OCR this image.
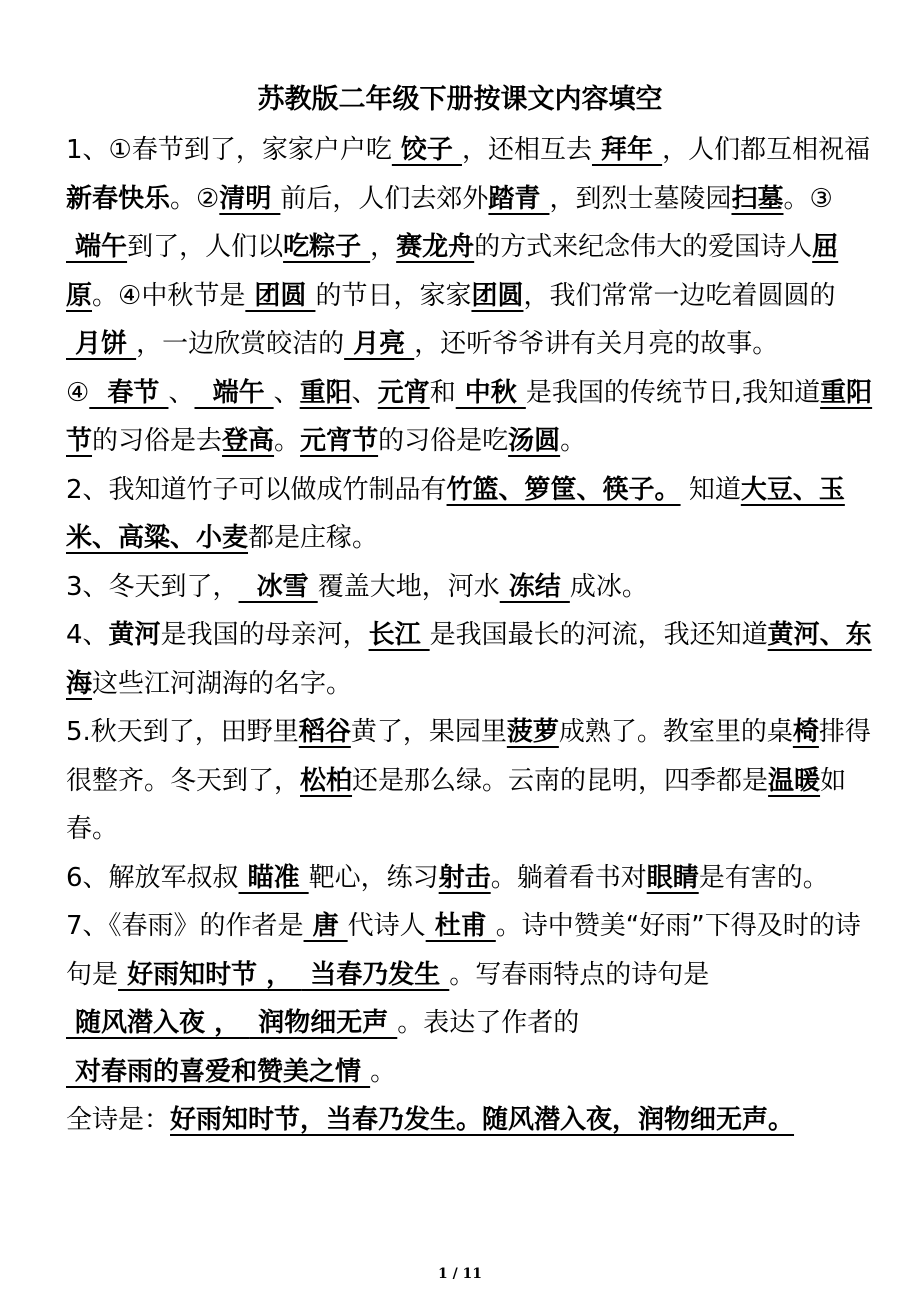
苏教版二年级下册按课文内容填空

1、①春节到了，家家户户吃 饺子 ，还相互去 拜年 ，人们都互相祝福新春快乐。②清明 前后，人们去郊外踏青 ，到烈士墓陵园扫墓。③ 端午到了，人们以吃粽子 ，赛龙舟的方式来纪念伟大的爱国诗人屈原。④中秋节是 团圆 的节日，家家团圆，我们常常一边吃着圆圆的 月饼 ，一边欣赏皎洁的 月亮 ，还听爷爷讲有关月亮的故事。

④  春节 、  端午 、重阳、元宵和 中秋 是我国的传统节日,我知道重阳节的习俗是去登高。元宵节的习俗是吃汤圆。

2、我知道竹子可以做成竹制品有竹篮、箩筐、筷子。 知道大豆、玉米、高粱、小麦都是庄稼。

3、冬天到了，  冰雪 覆盖大地，河水 冻结 成冰。

4、黄河是我国的母亲河，长江 是我国最长的河流，我还知道黄河、东海这些江河湖海的名字。

5.秋天到了，田野里稻谷黄了，果园里菠萝成熟了。教室里的桌椅排得很整齐。冬天到了，松柏还是那么绿。云南的昆明，四季都是温暖如春。

6、解放军叔叔 瞄准 靶心，练习射击。躺着看书对眼睛是有害的。

7、《春雨》的作者是 唐 代诗人 杜甫 。诗中赞美“好雨”下得及时的诗句是 好雨知时节 ，  当春乃发生 。写春雨特点的诗句是 随风潜入夜 ，  润物细无声 。表达了作者的 对春雨的喜爱和赞美之情 。

全诗是：好雨知时节，当春乃发生。随风潜入夜，润物细无声。

1 / 11
